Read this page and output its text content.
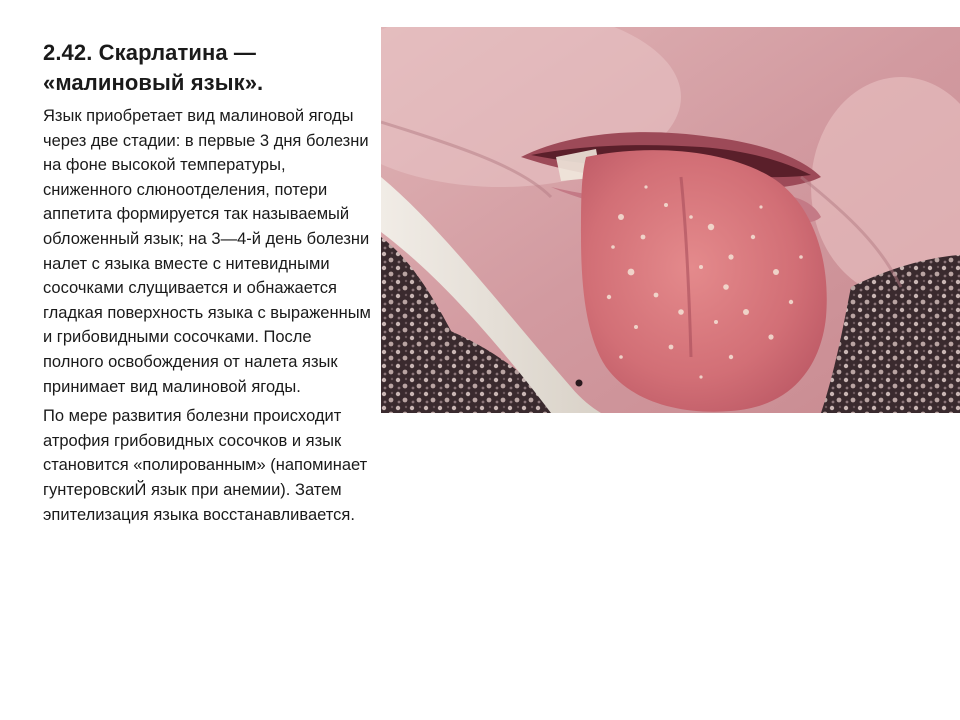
2.42. Скарлатина —
«малиновый язык».

Язык приобретает вид малиновой ягоды через две стадии: в первые 3 дня болезни на фоне высокой температуры, сниженного слюноотделения, потери аппетита формируется так называемый обложенный язык; на 3—4-й день болезни налет с языка вместе с нитевидными сосочками слущивается и обнажается гладкая поверхность языка с выраженным и грибовидными сосочками. После полного освобождения от налета язык принимает вид малиновой ягоды.

По мере развития болезни происходит атрофия грибовидных сосочков и язык становится «полированным» (напоминает гунтеровскиЙ язык при анемии). Затем эпителизация языка восстанавливается.
